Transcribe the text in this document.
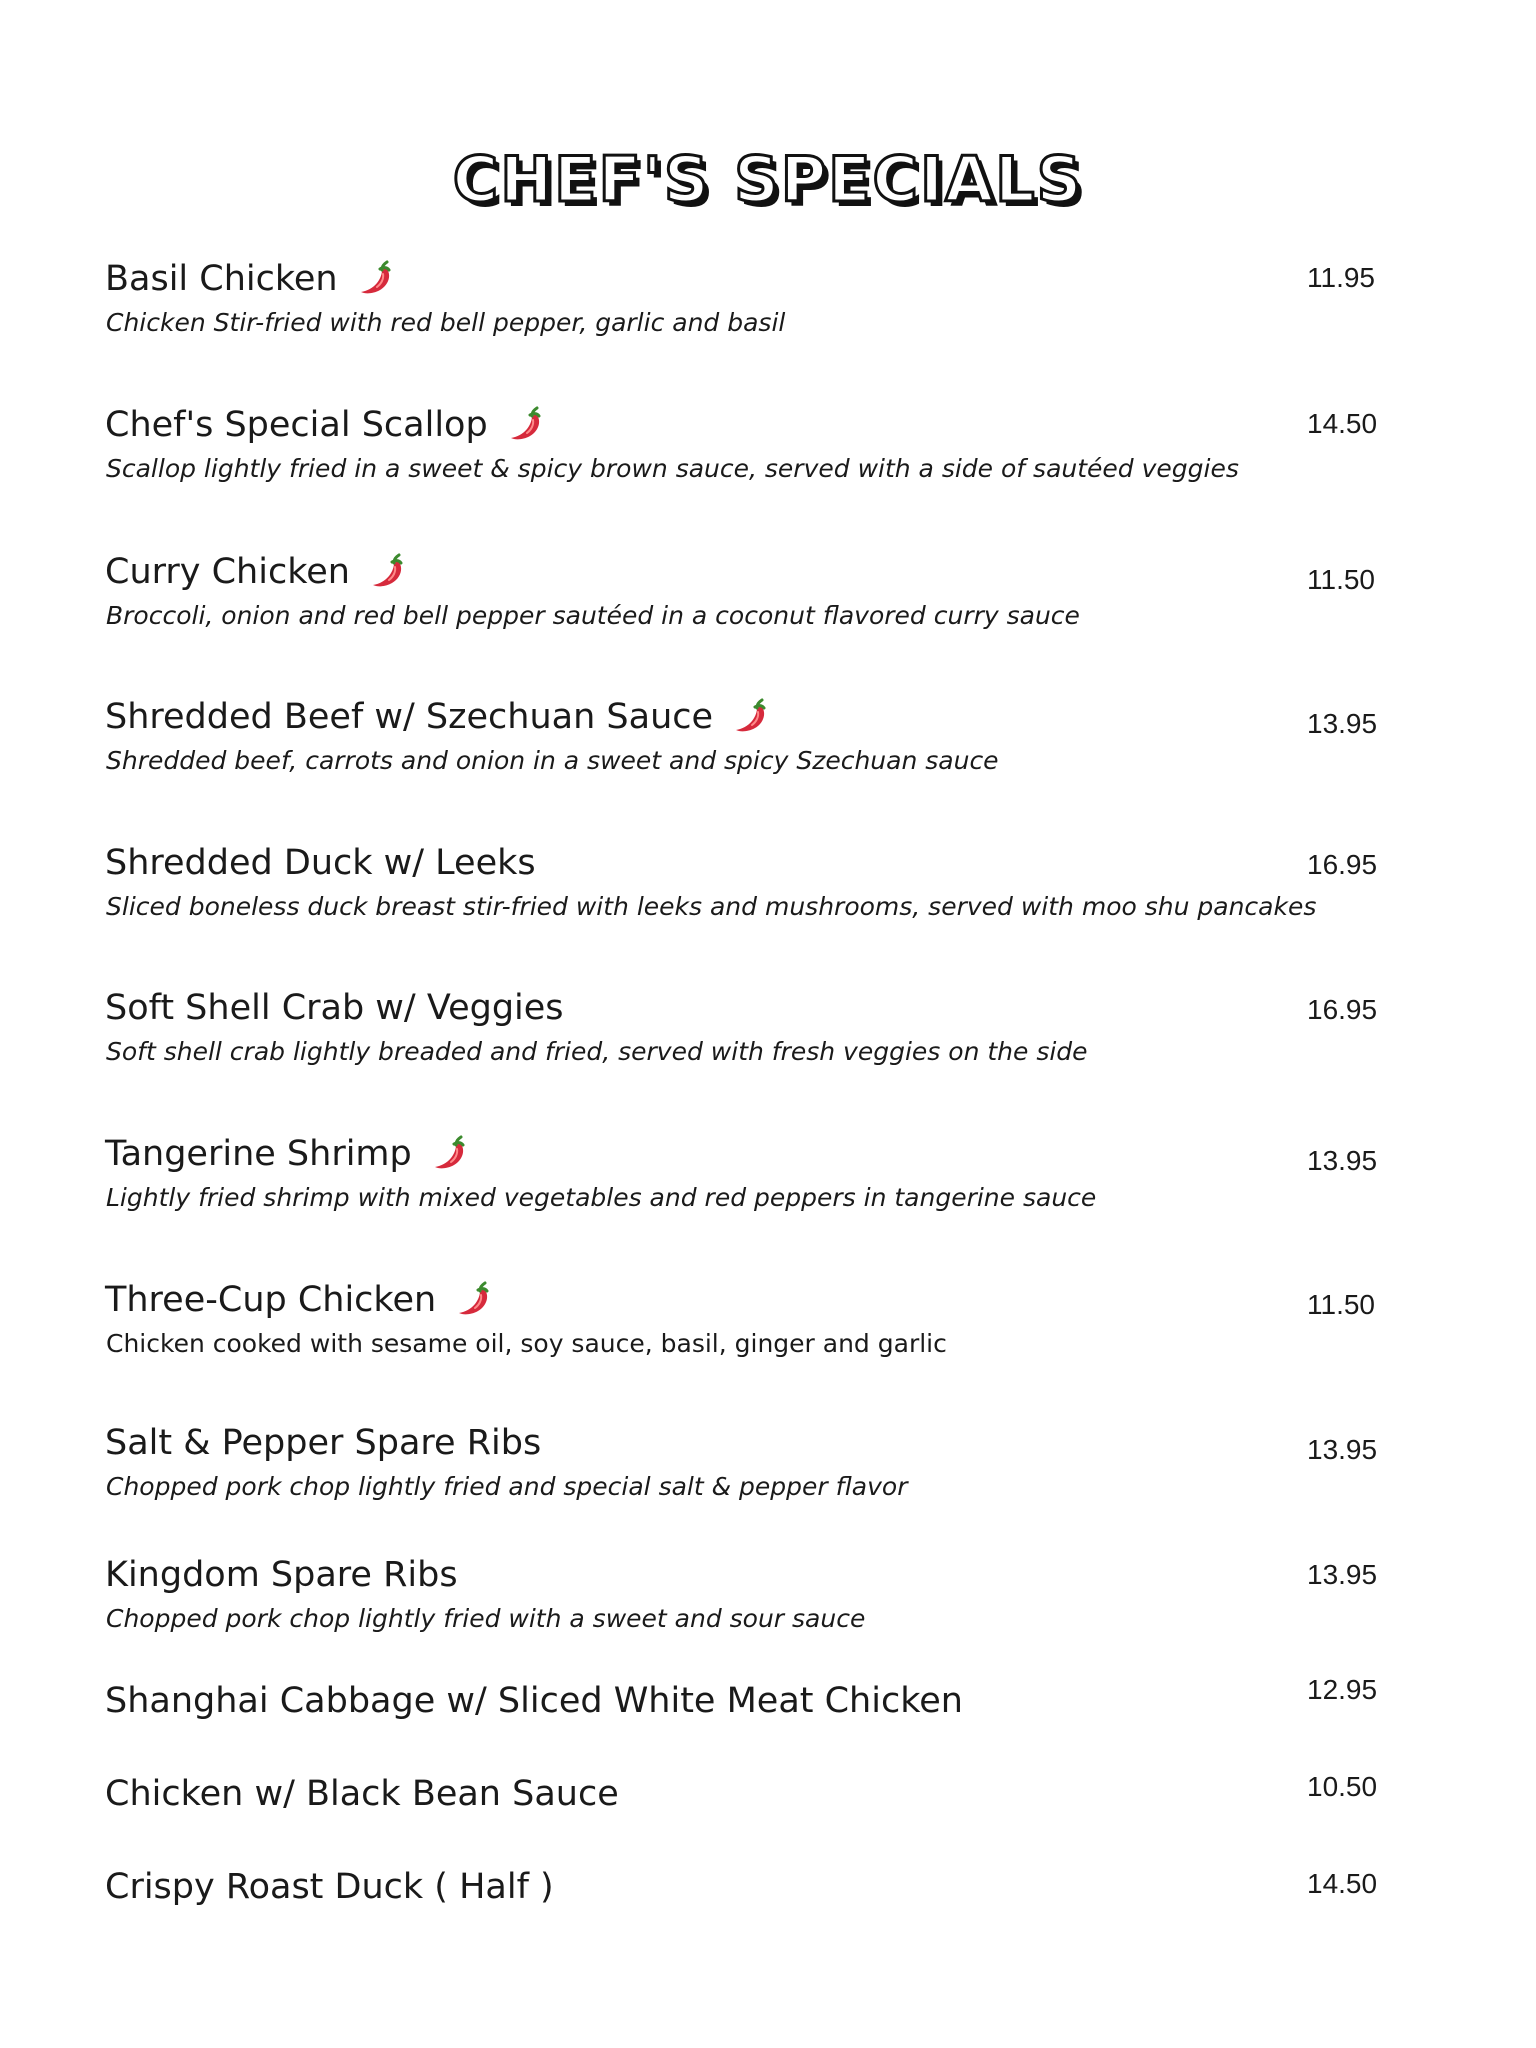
CHEF'S SPECIALS
Basil Chicken
Chicken Stir-fried with red bell pepper, garlic and basil
11.95
Chef's Special Scallop
Scallop lightly fried in a sweet & spicy brown sauce, served with a side of sautéed veggies
14.50
Curry Chicken
Broccoli, onion and red bell pepper sautéed in a coconut flavored curry sauce
11.50
Shredded Beef w/ Szechuan Sauce
Shredded beef, carrots and onion in a sweet and spicy Szechuan sauce
13.95
Shredded Duck w/ Leeks
Sliced boneless duck breast stir-fried with leeks and mushrooms, served with moo shu pancakes
16.95
Soft Shell Crab w/ Veggies
Soft shell crab lightly breaded and fried, served with fresh veggies on the side
16.95
Tangerine Shrimp
Lightly fried shrimp with mixed vegetables and red peppers in tangerine sauce
13.95
Three-Cup Chicken
Chicken cooked with sesame oil, soy sauce, basil, ginger and garlic
11.50
Salt & Pepper Spare Ribs
Chopped pork chop lightly fried and special salt & pepper flavor
13.95
Kingdom Spare Ribs
Chopped pork chop lightly fried with a sweet and sour sauce
13.95
Shanghai Cabbage w/ Sliced White Meat Chicken	12.95
Chicken w/ Black Bean Sauce	10.50
Crispy Roast Duck ( Half )	14.50
